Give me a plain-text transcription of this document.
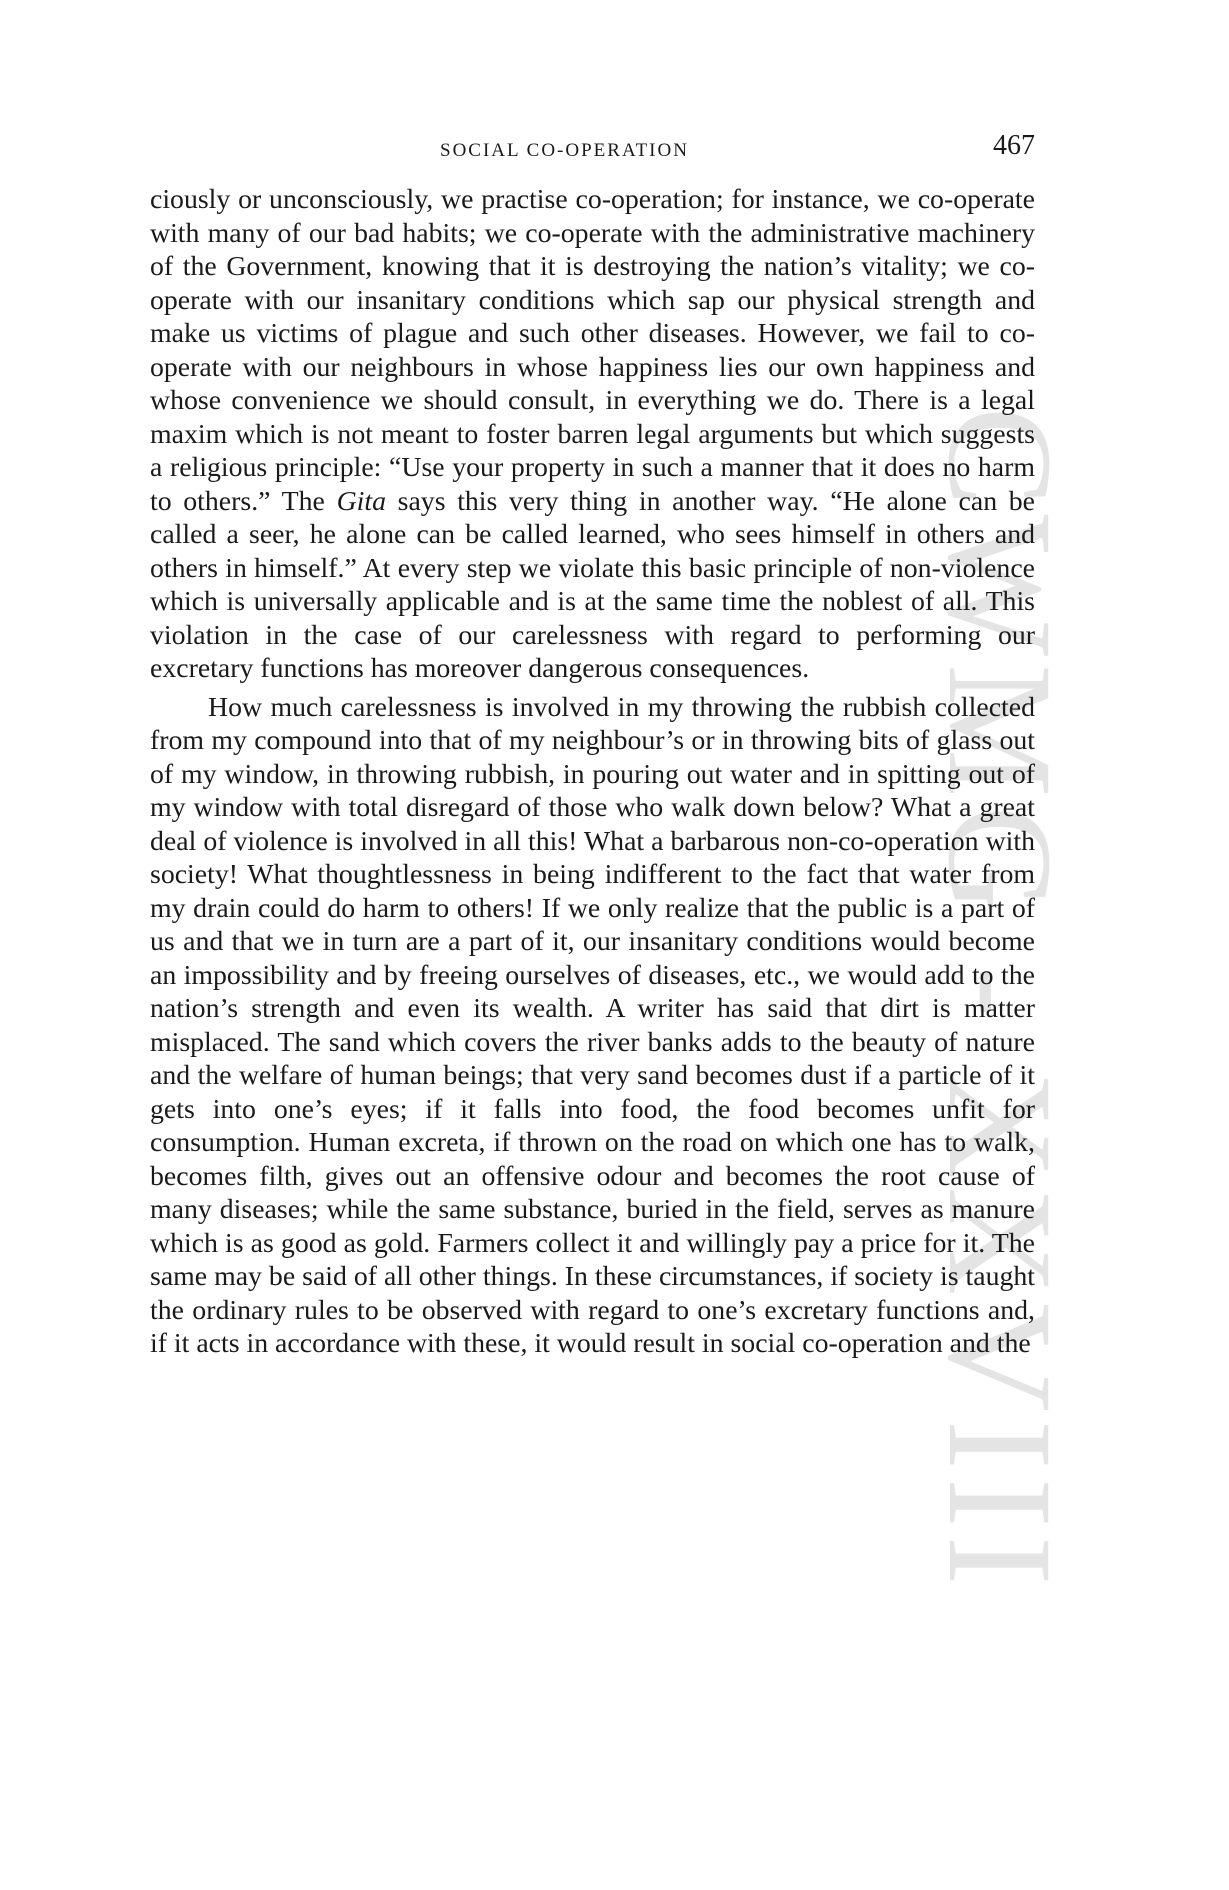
CWMG - XXVIII
SOCIAL CO-OPERATION	467

ciously or unconsciously, we practise co-operation; for instance, we co-operate with many of our bad habits; we co-operate with the administrative machinery of the Government, knowing that it is destroying the nation’s vitality; we co-operate with our insanitary conditions which sap our physical strength and make us victims of plague and such other diseases. However, we fail to co-operate with our neighbours in whose happiness lies our own happiness and whose convenience we should consult, in everything we do. There is a legal maxim which is not meant to foster barren legal arguments but which suggests a religious principle: “Use your property in such a manner that it does no harm to others.” The Gita says this very thing in another way. “He alone can be called a seer, he alone can be called learned, who sees himself in others and others in himself.” At every step we violate this basic principle of non-violence which is universally applicable and is at the same time the noblest of all. This violation in the case of our carelessness with regard to performing our excretary functions has moreover dangerous consequences.

How much carelessness is involved in my throwing the rubbish collected from my compound into that of my neighbour’s or in throwing bits of glass out of my window, in throwing rubbish, in pouring out water and in spitting out of my window with total disregard of those who walk down below? What a great deal of violence is involved in all this! What a barbarous non-co-operation with society! What thoughtlessness in being indifferent to the fact that water from my drain could do harm to others! If we only realize that the public is a part of us and that we in turn are a part of it, our insanitary conditions would become an impossibility and by freeing ourselves of diseases, etc., we would add to the nation’s strength and even its wealth. A writer has said that dirt is matter misplaced. The sand which covers the river banks adds to the beauty of nature and the welfare of human beings; that very sand becomes dust if a particle of it gets into one’s eyes; if it falls into food, the food becomes unfit for consumption. Human excreta, if thrown on the road on which one has to walk, becomes filth, gives out an offensive odour and becomes the root cause of many diseases; while the same substance, buried in the field, serves as manure which is as good as gold. Farmers collect it and willingly pay a price for it. The same may be said of all other things. In these circumstances, if society is taught the ordinary rules to be observed with regard to one’s excretary functions and, if it acts in accordance with these, it would result in social co-operation and the
